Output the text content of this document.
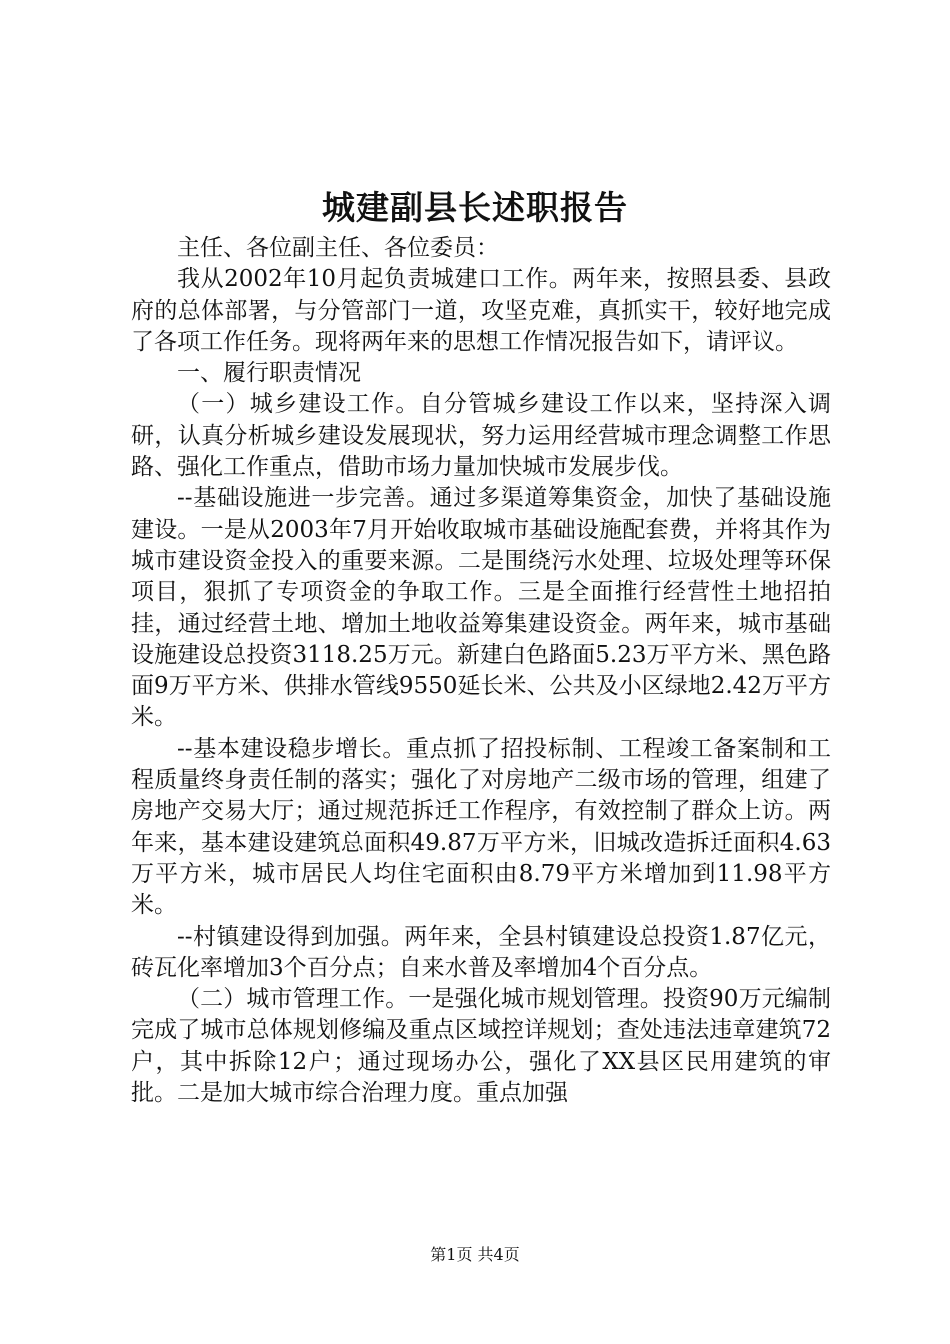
城建副县长述职报告

主任、各位副主任、各位委员：

我从2002年10月起负责城建口工作。两年来，按照县委、县政府的总体部署，与分管部门一道，攻坚克难，真抓实干，较好地完成了各项工作任务。现将两年来的思想工作情况报告如下，请评议。

一、履行职责情况

（一）城乡建设工作。自分管城乡建设工作以来，坚持深入调研，认真分析城乡建设发展现状，努力运用经营城市理念调整工作思路、强化工作重点，借助市场力量加快城市发展步伐。

--基础设施进一步完善。通过多渠道筹集资金，加快了基础设施建设。一是从2003年7月开始收取城市基础设施配套费，并将其作为城市建设资金投入的重要来源。二是围绕污水处理、垃圾处理等环保项目，狠抓了专项资金的争取工作。三是全面推行经营性土地招拍挂，通过经营土地、增加土地收益筹集建设资金。两年来，城市基础设施建设总投资3118.25万元。新建白色路面5.23万平方米、黑色路面9万平方米、供排水管线9550延长米、公共及小区绿地2.42万平方米。

--基本建设稳步增长。重点抓了招投标制、工程竣工备案制和工程质量终身责任制的落实；强化了对房地产二级市场的管理，组建了房地产交易大厅；通过规范拆迁工作程序，有效控制了群众上访。两年来，基本建设建筑总面积49.87万平方米，旧城改造拆迁面积4.63万平方米，城市居民人均住宅面积由8.79平方米增加到11.98平方米。

--村镇建设得到加强。两年来，全县村镇建设总投资1.87亿元，砖瓦化率增加3个百分点；自来水普及率增加4个百分点。

（二）城市管理工作。一是强化城市规划管理。投资90万元编制完成了城市总体规划修编及重点区域控详规划；查处违法违章建筑72户，其中拆除12户；通过现场办公，强化了XX县区民用建筑的审批。二是加大城市综合治理力度。重点加强

第1页 共4页
